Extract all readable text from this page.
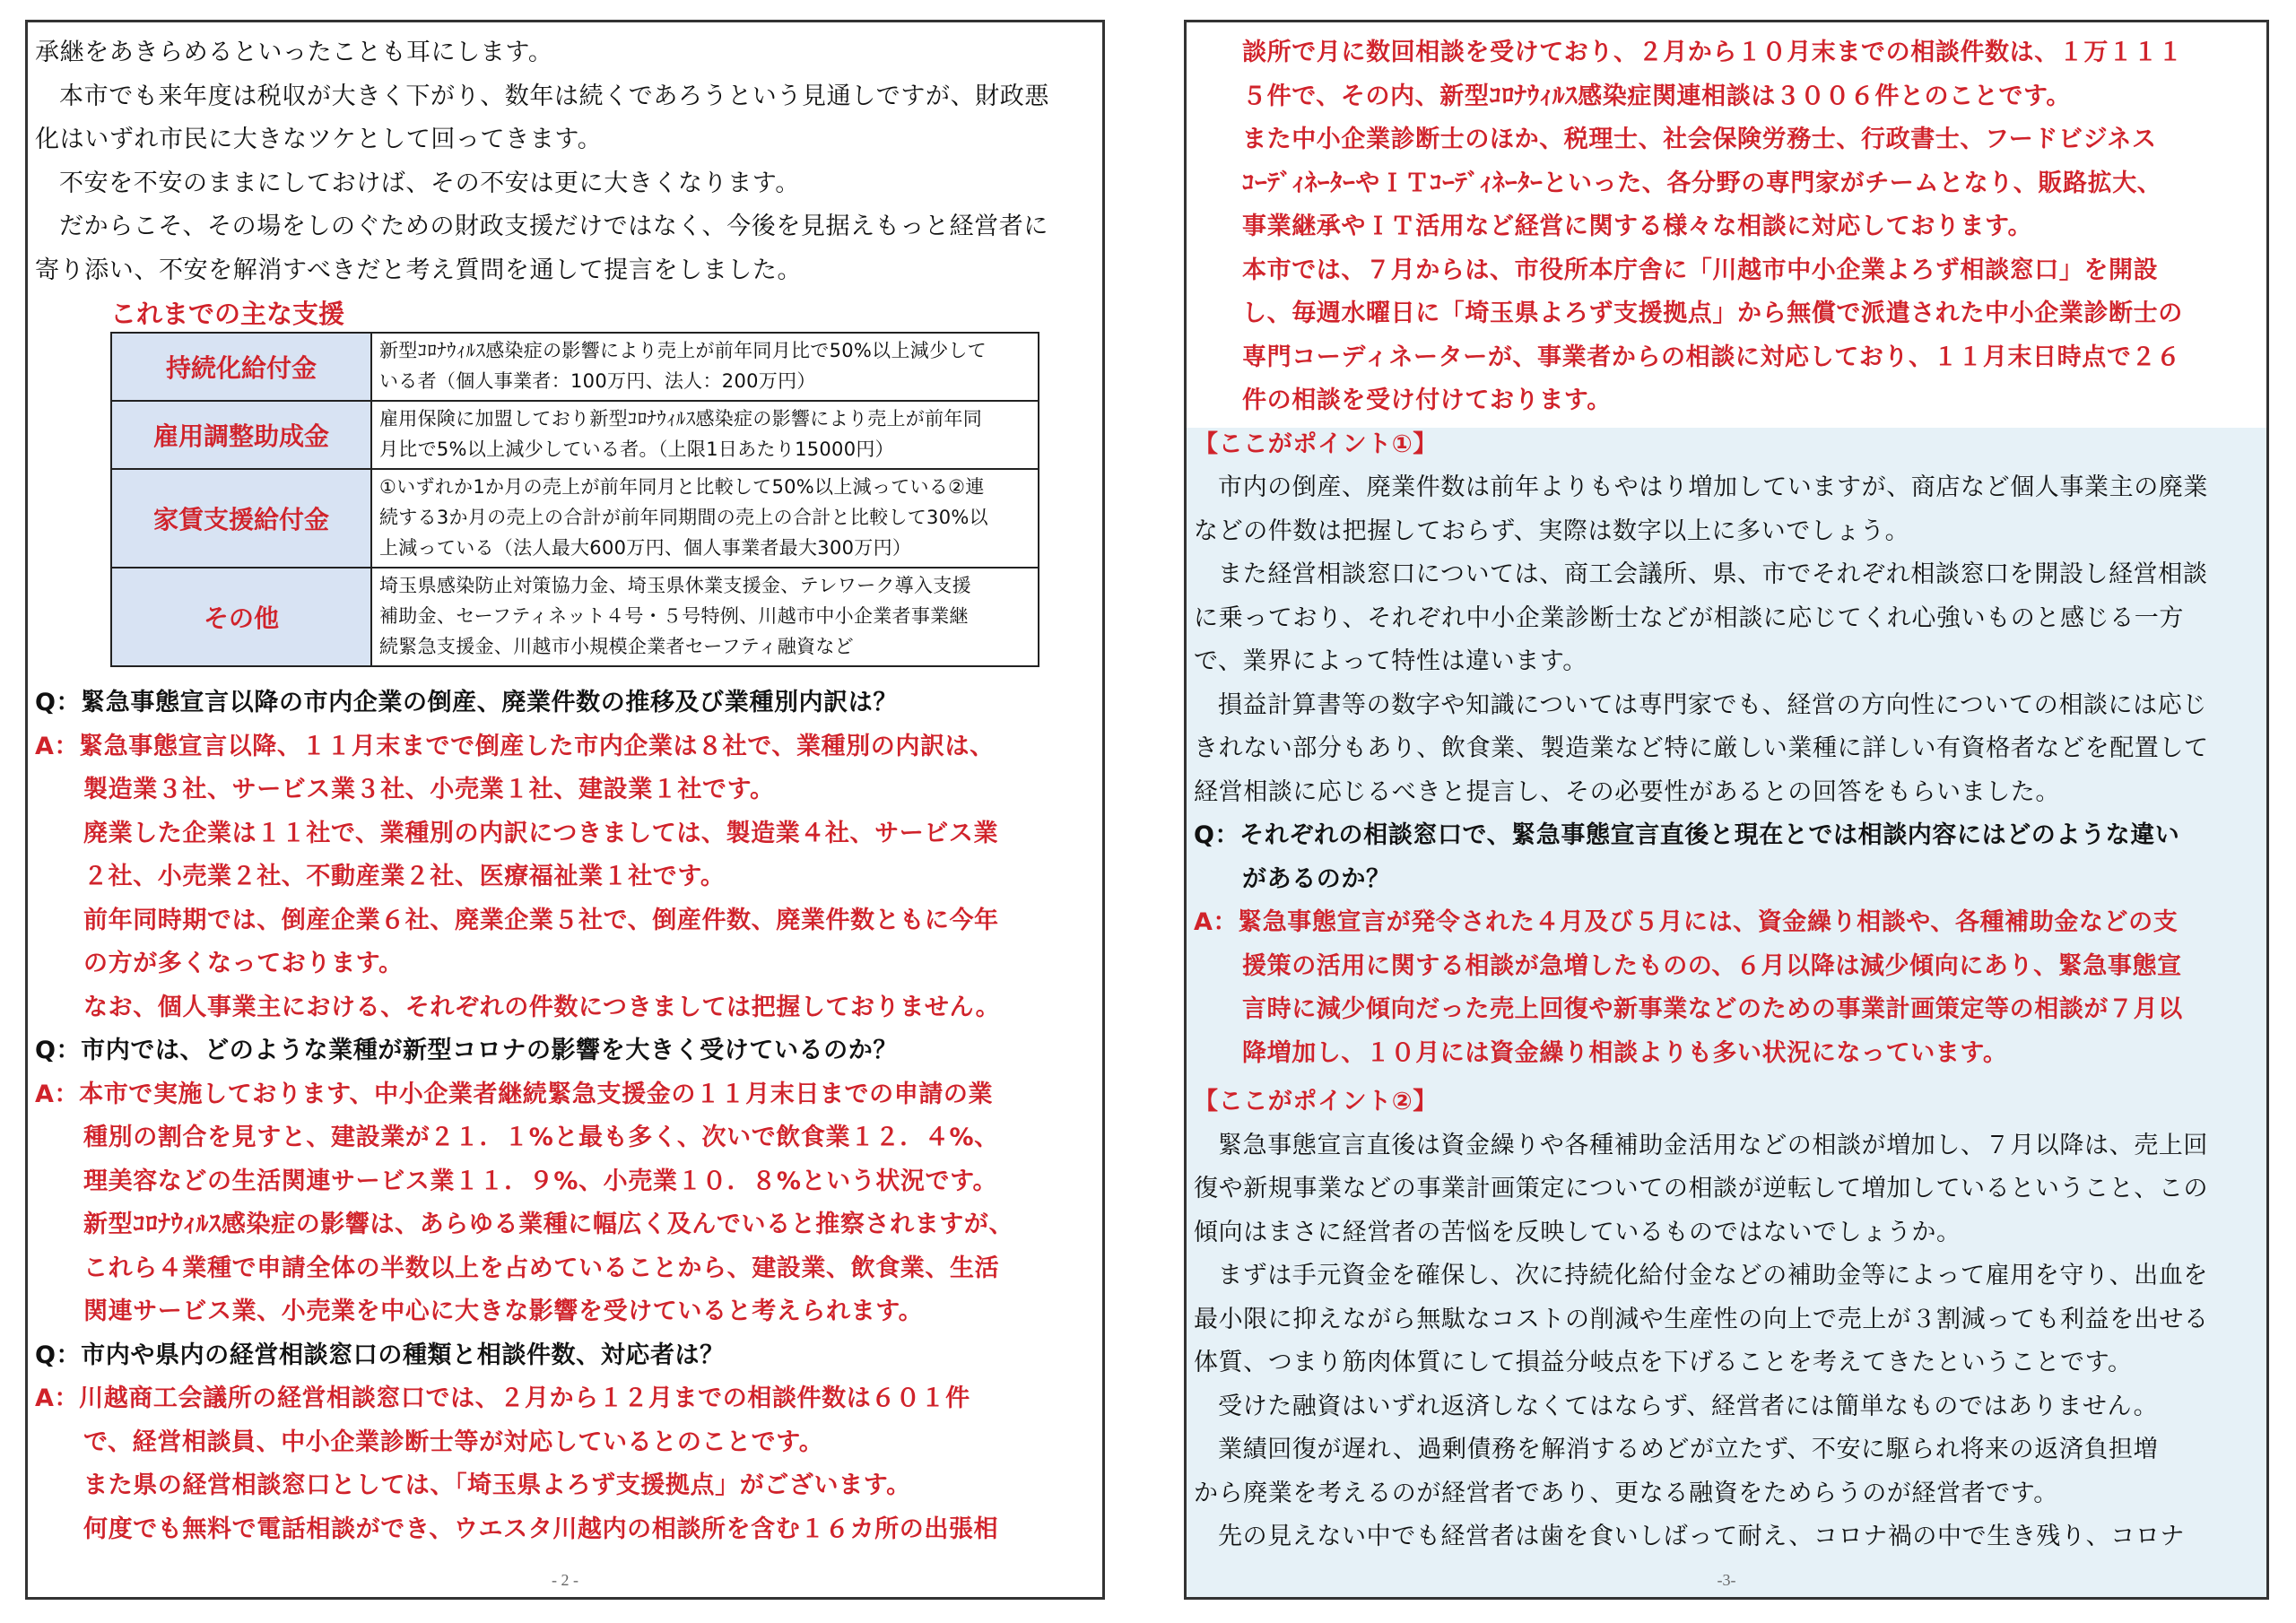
承継をあきらめるといったことも耳にします。
本市でも来年度は税収が大きく下がり、数年は続くであろうという見通しですが、財政悪
化はいずれ市民に大きなツケとして回ってきます。
不安を不安のままにしておけば、その不安は更に大きくなります。
だからこそ、その場をしのぐための財政支援だけではなく、今後を見据えもっと経営者に
寄り添い、不安を解消すべきだと考え質問を通して提言をしました。
これまでの主な支援
持続化給付金	新型ｺﾛﾅｳｨﾙｽ感染症の影響により売上が前年同月比で50%以上減少して
いる者（個人事業者：100万円、法人：200万円）

雇用調整助成金	雇用保険に加盟しており新型ｺﾛﾅｳｨﾙｽ感染症の影響により売上が前年同
月比で5%以上減少している者。（上限1日あたり15000円）

家賃支援給付金	①いずれか1か月の売上が前年同月と比較して50%以上減っている②連
続する3か月の売上の合計が前年同期間の売上の合計と比較して30%以
上減っている（法人最大600万円、個人事業者最大300万円）

その他	埼玉県感染防止対策協力金、埼玉県休業支援金、テレワーク導入支援
補助金、セーフティネット４号・５号特例、川越市中小企業者事業継
続緊急支援金、川越市小規模企業者セーフティ融資など
Q：緊急事態宣言以降の市内企業の倒産、廃業件数の推移及び業種別内訳は？
A：緊急事態宣言以降、１１月末までで倒産した市内企業は８社で、業種別の内訳は、
製造業３社、サービス業３社、小売業１社、建設業１社です。
廃業した企業は１１社で、業種別の内訳につきましては、製造業４社、サービス業
２社、小売業２社、不動産業２社、医療福祉業１社です。
前年同時期では、倒産企業６社、廃業企業５社で、倒産件数、廃業件数ともに今年
の方が多くなっております。
なお、個人事業主における、それぞれの件数につきましては把握しておりません。
Q：市内では、どのような業種が新型コロナの影響を大きく受けているのか？
A：本市で実施しております、中小企業者継続緊急支援金の１１月末日までの申請の業
種別の割合を見すと、建設業が２１．１%と最も多く、次いで飲食業１２．４%、
理美容などの生活関連サービス業１１．９%、小売業１０．８%という状況です。
新型ｺﾛﾅｳｨﾙｽ感染症の影響は、あらゆる業種に幅広く及んでいると推察されますが、
これら４業種で申請全体の半数以上を占めていることから、建設業、飲食業、生活
関連サービス業、小売業を中心に大きな影響を受けていると考えられます。
Q：市内や県内の経営相談窓口の種類と相談件数、対応者は？
A：川越商工会議所の経営相談窓口では、２月から１２月までの相談件数は６０１件
で、経営相談員、中小企業診断士等が対応しているとのことです。
また県の経営相談窓口としては、「埼玉県よろず支援拠点」がございます。
何度でも無料で電話相談ができ、ウエスタ川越内の相談所を含む１６カ所の出張相
- 2 -
談所で月に数回相談を受けており、２月から１０月末までの相談件数は、１万１１１
５件で、その内、新型ｺﾛﾅｳｨﾙｽ感染症関連相談は３００６件とのことです。
また中小企業診断士のほか、税理士、社会保険労務士、行政書士、フードビジネス
ｺｰﾃﾞｨﾈｰﾀｰやＩＴｺｰﾃﾞｨﾈｰﾀｰといった、各分野の専門家がチームとなり、販路拡大、
事業継承やＩＴ活用など経営に関する様々な相談に対応しております。
本市では、７月からは、市役所本庁舎に「川越市中小企業よろず相談窓口」を開設
し、毎週水曜日に「埼玉県よろず支援拠点」から無償で派遣された中小企業診断士の
専門コーディネーターが、事業者からの相談に対応しており、１１月末日時点で２６
件の相談を受け付けております。
【ここがポイント①】
市内の倒産、廃業件数は前年よりもやはり増加していますが、商店など個人事業主の廃業
などの件数は把握しておらず、実際は数字以上に多いでしょう。
また経営相談窓口については、商工会議所、県、市でそれぞれ相談窓口を開設し経営相談
に乗っており、それぞれ中小企業診断士などが相談に応じてくれ心強いものと感じる一方
で、業界によって特性は違います。
損益計算書等の数字や知識については専門家でも、経営の方向性についての相談には応じ
きれない部分もあり、飲食業、製造業など特に厳しい業種に詳しい有資格者などを配置して
経営相談に応じるべきと提言し、その必要性があるとの回答をもらいました。
Q：それぞれの相談窓口で、緊急事態宣言直後と現在とでは相談内容にはどのような違い
があるのか？
A：緊急事態宣言が発令された４月及び５月には、資金繰り相談や、各種補助金などの支
援策の活用に関する相談が急増したものの、６月以降は減少傾向にあり、緊急事態宣
言時に減少傾向だった売上回復や新事業などのための事業計画策定等の相談が７月以
降増加し、１０月には資金繰り相談よりも多い状況になっています。
【ここがポイント②】
緊急事態宣言直後は資金繰りや各種補助金活用などの相談が増加し、７月以降は、売上回
復や新規事業などの事業計画策定についての相談が逆転して増加しているということ、この
傾向はまさに経営者の苦悩を反映しているものではないでしょうか。
まずは手元資金を確保し、次に持続化給付金などの補助金等によって雇用を守り、出血を
最小限に抑えながら無駄なコストの削減や生産性の向上で売上が３割減っても利益を出せる
体質、つまり筋肉体質にして損益分岐点を下げることを考えてきたということです。
受けた融資はいずれ返済しなくてはならず、経営者には簡単なものではありません。
業績回復が遅れ、過剰債務を解消するめどが立たず、不安に駆られ将来の返済負担増
から廃業を考えるのが経営者であり、更なる融資をためらうのが経営者です。
先の見えない中でも経営者は歯を食いしばって耐え、コロナ禍の中で生き残り、コロナ
-3-
